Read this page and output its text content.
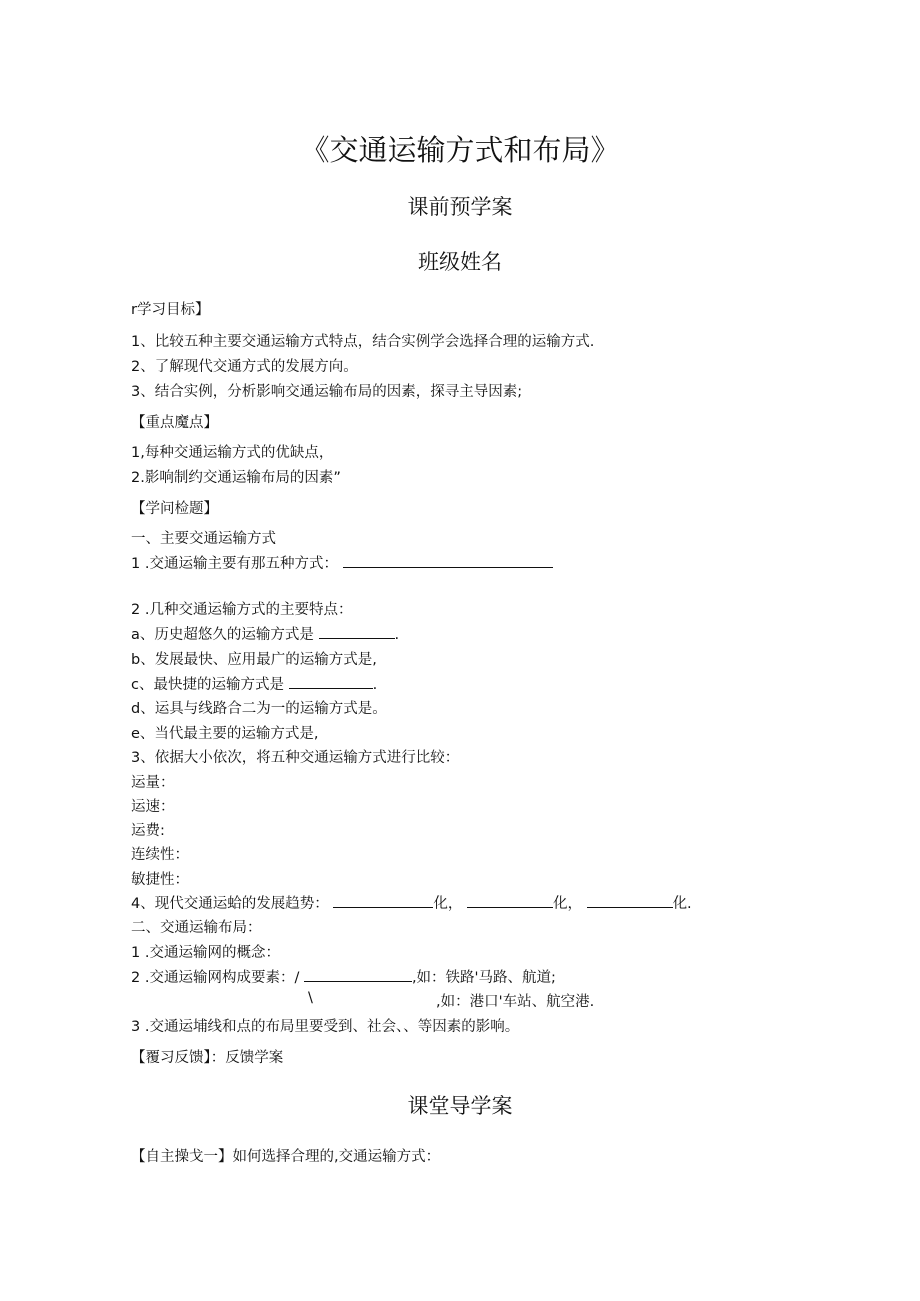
《交通运输方式和布局》
课前预学案
班级姓名
r学习目标】
1、比较五种主要交通运输方式特点，结合实例学会选择合理的运输方式.
2、了解现代交通方式的发展方向。
3、结合实例，分析影响交通运输布局的因素，探寻主导因素;
【重点魔点】
1,每种交通运输方式的优缺点，
2.影响制约交通运输布局的因素”
【学问检题】
一、主要交通运输方式
1 .交通运输主要有那五种方式：
2 .几种交通运输方式的主要特点：
a、历史超悠久的运输方式是	.
b、发展最快、应用最广的运输方式是,
c、最快捷的运输方式是	.
d、运具与线路合二为一的运输方式是。
e、当代最主要的运输方式是,
3、依据大小依次，将五种交通运输方式进行比较：
运量：
运速：
运费:
连续性：
敏捷性：
4、现代交通运蛤的发展趋势：	化，	化，	化.
二、交通运输布局：
1 .交通运输网的概念：
2 .交通运输网构成要素：/	,如：铁路'马路、航道;
\	,如：港口'车站、航空港.
3 .交通运埔线和点的布局里要受到、社会、、等因素的影响。
【覆习反馈】：反馈学案
课堂导学案
【自主操戈一】如何选择合理的,交通运输方式：
